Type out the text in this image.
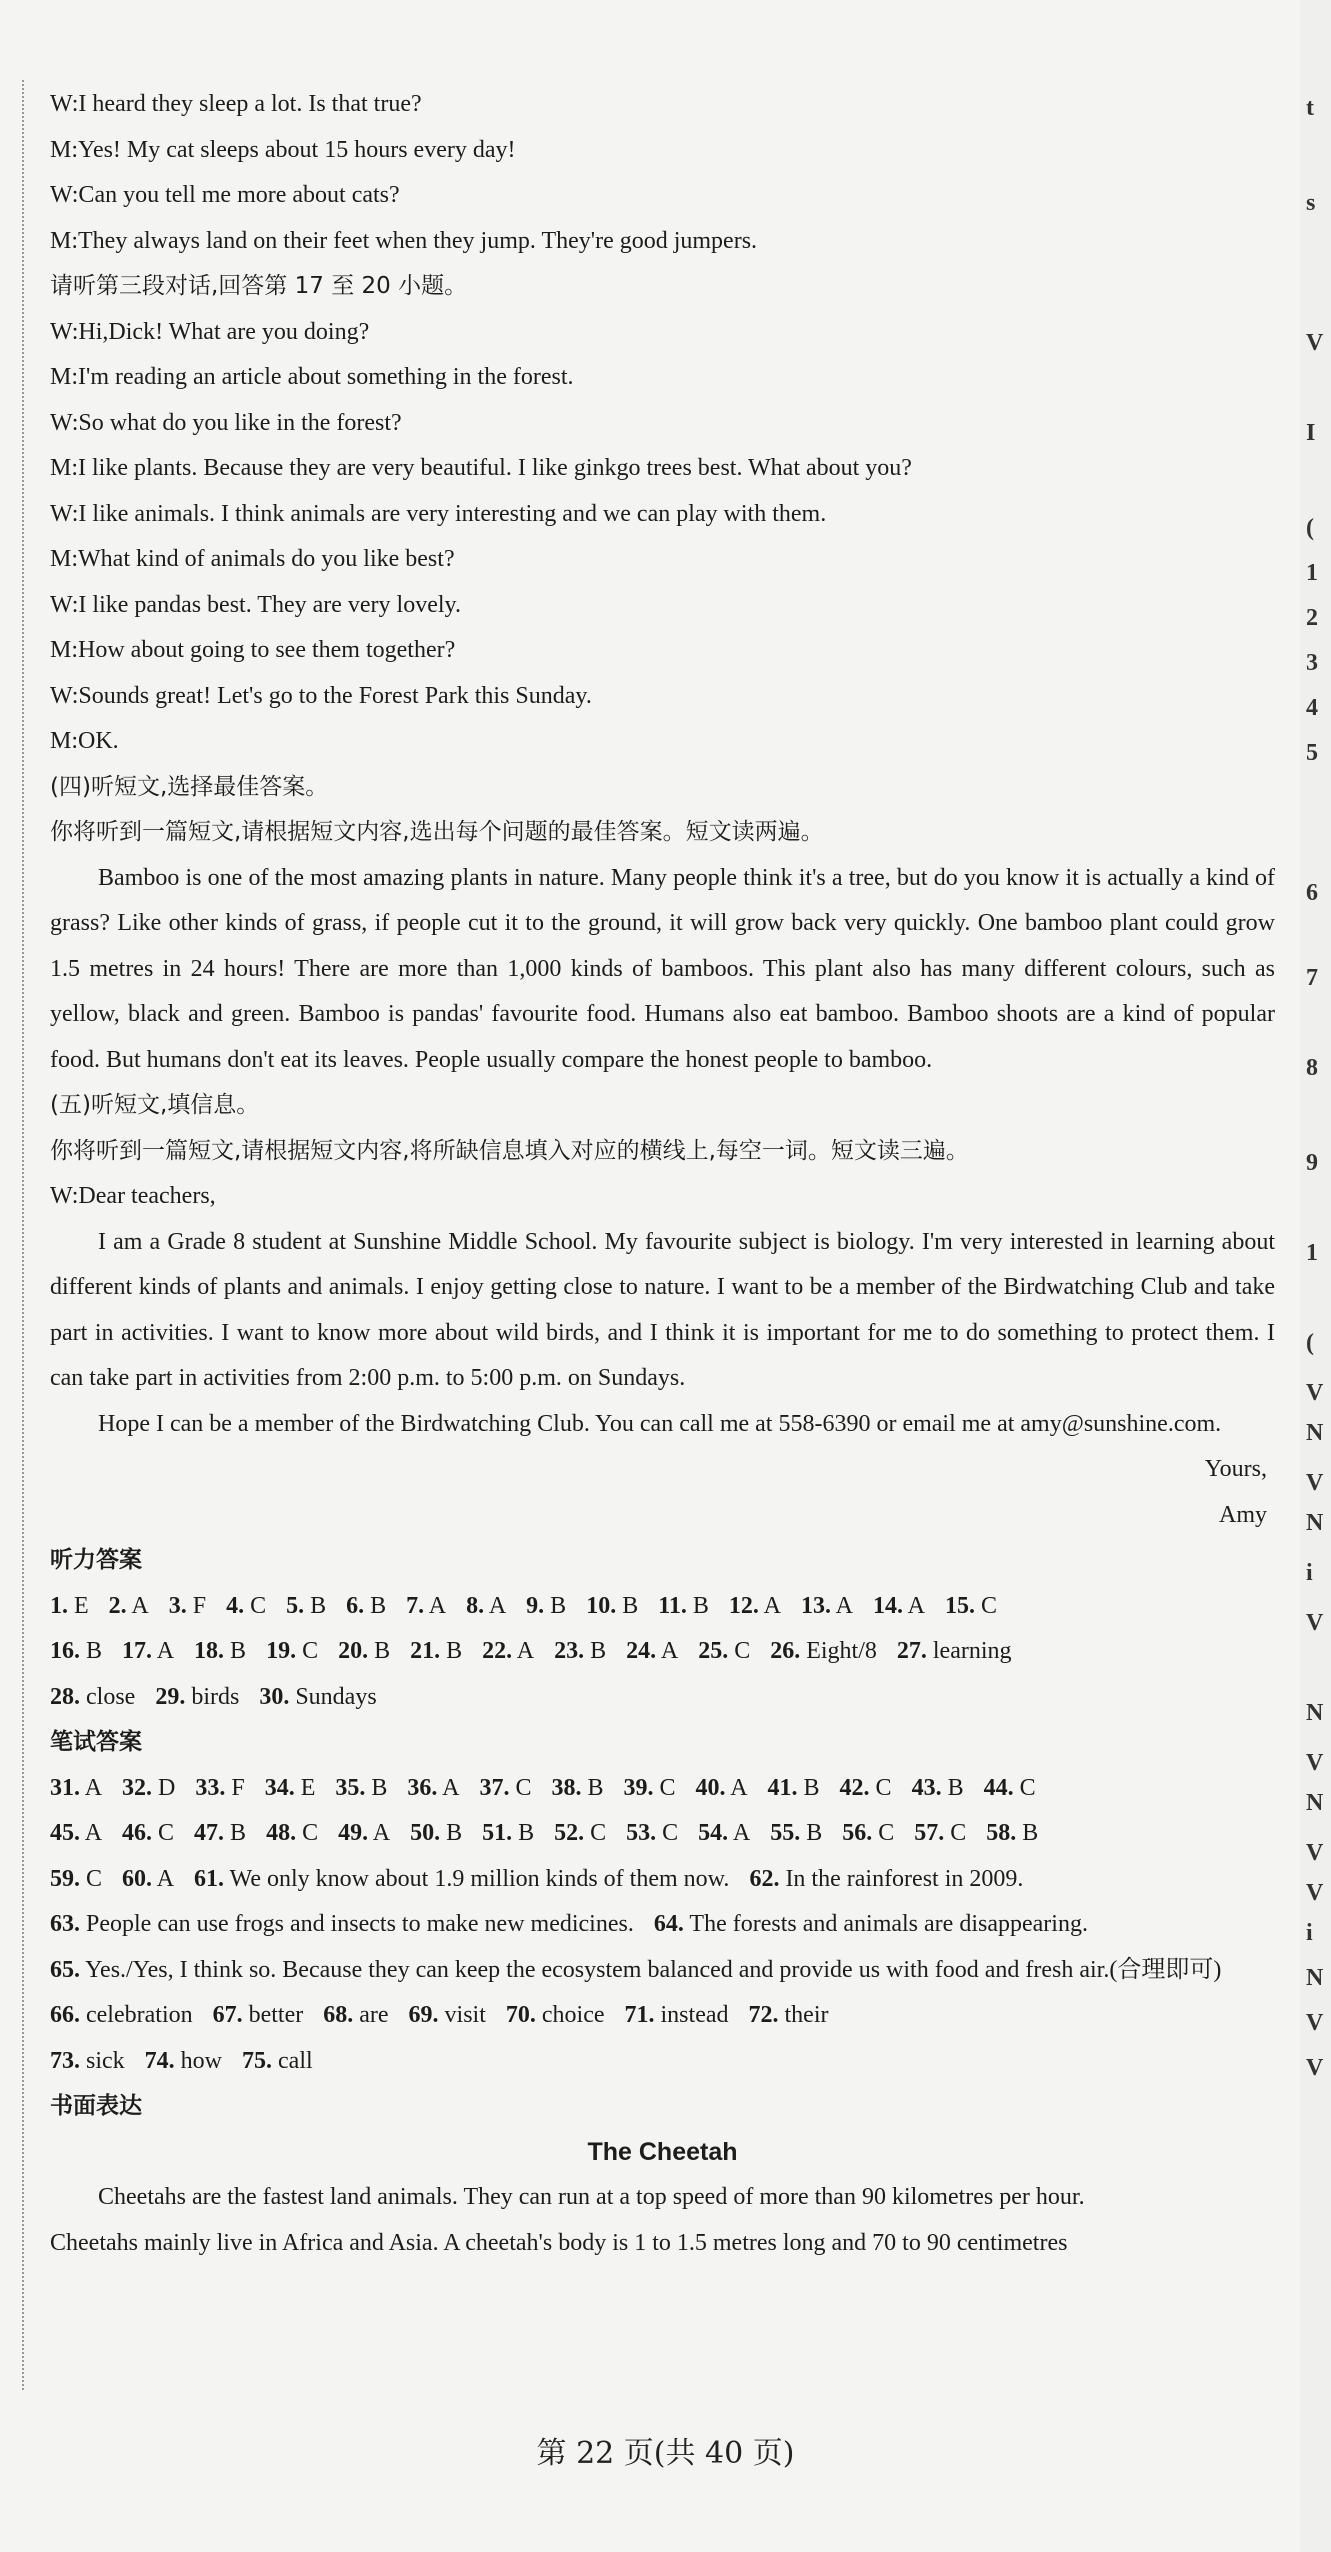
t
s
V
I
(
1
2
3
4
5
6
7
8
9
1
(
V
N
V
N
i
V
N
V
N
V
V
i
N
V
V
W:I heard they sleep a lot. Is that true?
M:Yes! My cat sleeps about 15 hours every day!
W:Can you tell me more about cats?
M:They always land on their feet when they jump. They're good jumpers.
请听第三段对话,回答第 17 至 20 小题。
W:Hi,Dick! What are you doing?
M:I'm reading an article about something in the forest.
W:So what do you like in the forest?
M:I like plants. Because they are very beautiful. I like ginkgo trees best. What about you?
W:I like animals. I think animals are very interesting and we can play with them.
M:What kind of animals do you like best?
W:I like pandas best. They are very lovely.
M:How about going to see them together?
W:Sounds great! Let's go to the Forest Park this Sunday.
M:OK.
(四)听短文,选择最佳答案。
你将听到一篇短文,请根据短文内容,选出每个问题的最佳答案。短文读两遍。

Bamboo is one of the most amazing plants in nature. Many people think it's a tree, but do you know it is actually a kind of grass? Like other kinds of grass, if people cut it to the ground, it will grow back very quickly. One bamboo plant could grow 1.5 metres in 24 hours! There are more than 1,000 kinds of bamboos. This plant also has many different colours, such as yellow, black and green. Bamboo is pandas' favourite food. Humans also eat bamboo. Bamboo shoots are a kind of popular food. But humans don't eat its leaves. People usually compare the honest people to bamboo.

(五)听短文,填信息。
你将听到一篇短文,请根据短文内容,将所缺信息填入对应的横线上,每空一词。短文读三遍。
W:Dear teachers,

I am a Grade 8 student at Sunshine Middle School. My favourite subject is biology. I'm very interested in learning about different kinds of plants and animals. I enjoy getting close to nature. I want to be a member of the Birdwatching Club and take part in activities. I want to know more about wild birds, and I think it is important for me to do something to protect them. I can take part in activities from 2:00 p.m. to 5:00 p.m. on Sundays.

Hope I can be a member of the Birdwatching Club. You can call me at 558-6390 or email me at amy@sunshine.com.

Yours,
Amy
听力答案
1. E 2. A 3. F 4. C 5. B 6. B 7. A 8. A 9. B 10. B 11. B 12. A 13. A 14. A 15. C
16. B 17. A 18. B 19. C 20. B 21. B 22. A 23. B 24. A 25. C 26. Eight/8 27. learning
28. close 29. birds 30. Sundays
笔试答案
31. A 32. D 33. F 34. E 35. B 36. A 37. C 38. B 39. C 40. A 41. B 42. C 43. B 44. C
45. A 46. C 47. B 48. C 49. A 50. B 51. B 52. C 53. C 54. A 55. B 56. C 57. C 58. B
59. C 60. A 61. We only know about 1.9 million kinds of them now. 62. In the rainforest in 2009.
63. People can use frogs and insects to make new medicines. 64. The forests and animals are disappearing.

65. Yes./Yes, I think so. Because they can keep the ecosystem balanced and provide us with food and fresh air.(合理即可)

66. celebration 67. better 68. are 69. visit 70. choice 71. instead 72. their
73. sick 74. how 75. call
书面表达
The Cheetah
Cheetahs are the fastest land animals. They can run at a top speed of more than 90 kilometres per hour.
Cheetahs mainly live in Africa and Asia. A cheetah's body is 1 to 1.5 metres long and 70 to 90 centimetres
第 22 页(共 40 页)
